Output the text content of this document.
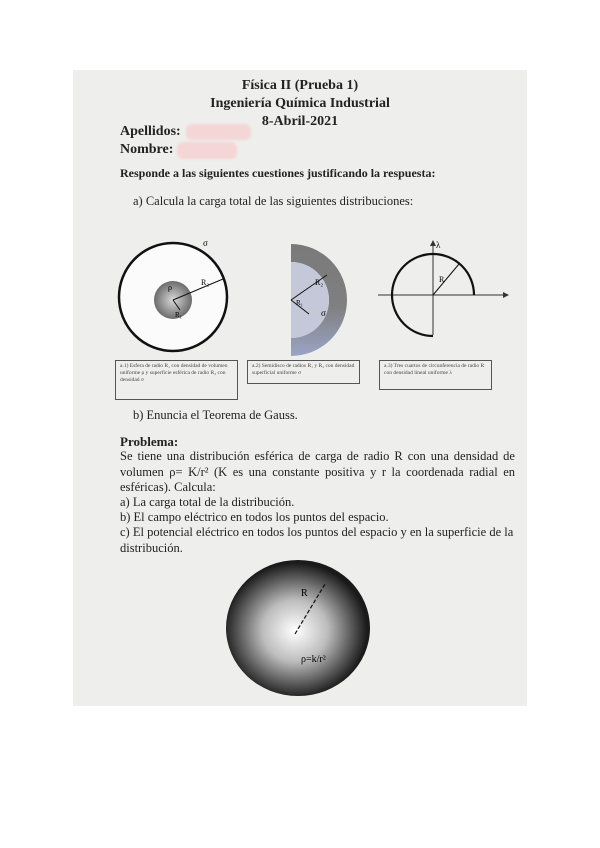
Física II (Prueba 1)
Ingeniería Química Industrial
8-Abril-2021
Apellidos:
Nombre:
Responde a las siguientes cuestiones justificando la respuesta:
a) Calcula la carga total de las siguientes distribuciones:
σ
ρ
R₂
R₁
R₂
R₁
σ
λ
R
a.1) Esfera de radio R₁ con densidad de volumen uniforme ρ y superficie esférica de radio R₂ con densidad σ
a.2) Semidisco de radios R₁ y R₂ con densidad superficial uniforme σ
a.3) Tres cuartos de circunferencia de radio R con densidad lineal uniforme λ
b) Enuncia el Teorema de Gauss.
Problema:
Se tiene una distribución esférica de carga de radio R con una densidad de volumen ρ= K/r² (K es una constante positiva y r la coordenada radial en esféricas). Calcula:
a) La carga total de la distribución.
b) El campo eléctrico en todos los puntos del espacio.
c) El potencial eléctrico en todos los puntos del espacio y en la superficie de la distribución.
R
ρ=k/r²
